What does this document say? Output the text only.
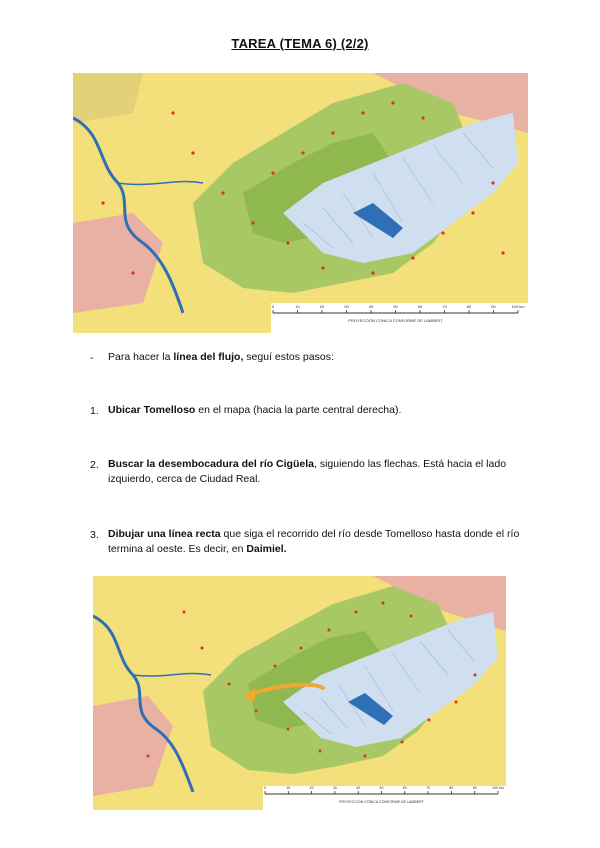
TAREA (TEMA 6) (2/2)
0	10	20	30	40	50	60	70	80	90	100 km
PROYECCIÓN CÓNICA CONFORME DE LAMBERT
- Para hacer la línea del flujo, seguí estos pasos:
1. Ubicar Tomelloso en el mapa (hacia la parte central derecha).
2. Buscar la desembocadura del río Cigüela, siguiendo las flechas. Está hacia el lado izquierdo, cerca de Ciudad Real.
3. Dibujar una línea recta que siga el recorrido del río desde Tomelloso hasta donde el río termina al oeste. Es decir, en Daimiel.
0	10	20	30	40	50	60	70	80	90	100 km
PROYECCIÓN CÓNICA CONFORME DE LAMBERT
